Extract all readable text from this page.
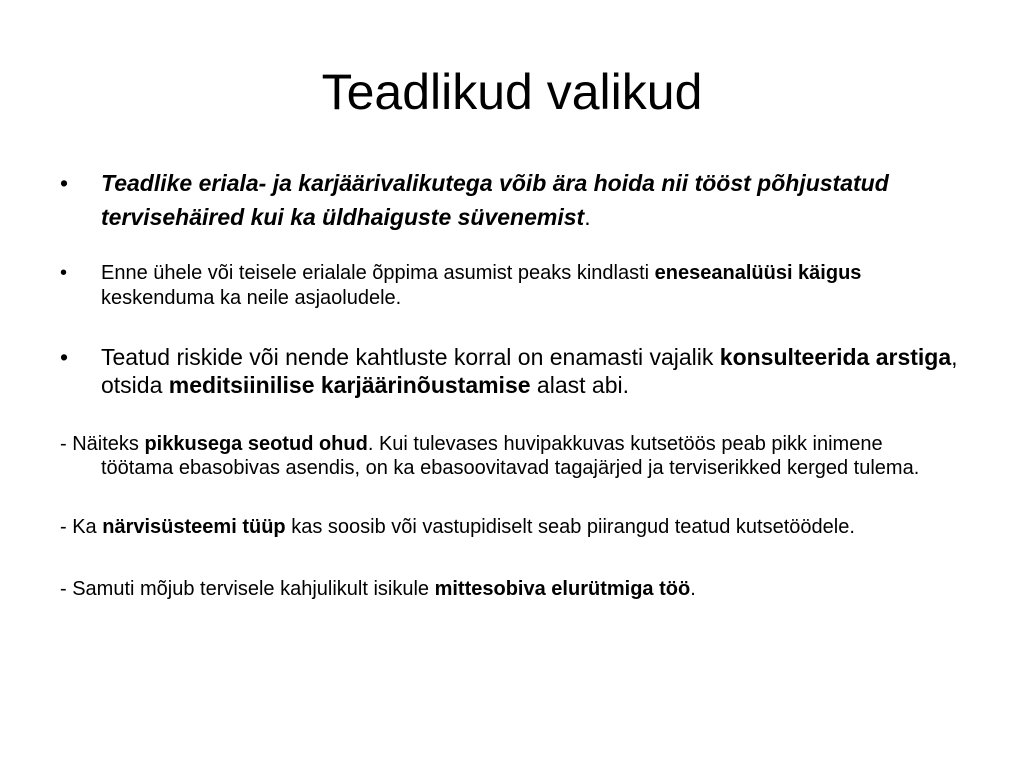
Teadlikud valikud
• Teadlike eriala- ja karjäärivalikutega võib ära hoida nii tööst põhjustatud tervisehäired kui ka üldhaiguste süvenemist.
• Enne ühele või teisele erialale õppima asumist peaks kindlasti eneseanalüüsi käigus keskenduma ka neile asjaoludele.
• Teatud riskide või nende kahtluste korral on enamasti vajalik konsulteerida arstiga, otsida meditsiinilise karjäärinõustamise alast abi.
- Näiteks pikkusega seotud ohud. Kui tulevases huvipakkuvas kutsetöös peab pikk inimene töötama ebasobivas asendis, on ka ebasoovitavad tagajärjed ja terviserikked kerged tulema.
- Ka närvisüsteemi tüüp kas soosib või vastupidiselt seab piirangud teatud kutsetöödele.
- Samuti mõjub tervisele kahjulikult isikule mittesobiva elurütmiga töö.
